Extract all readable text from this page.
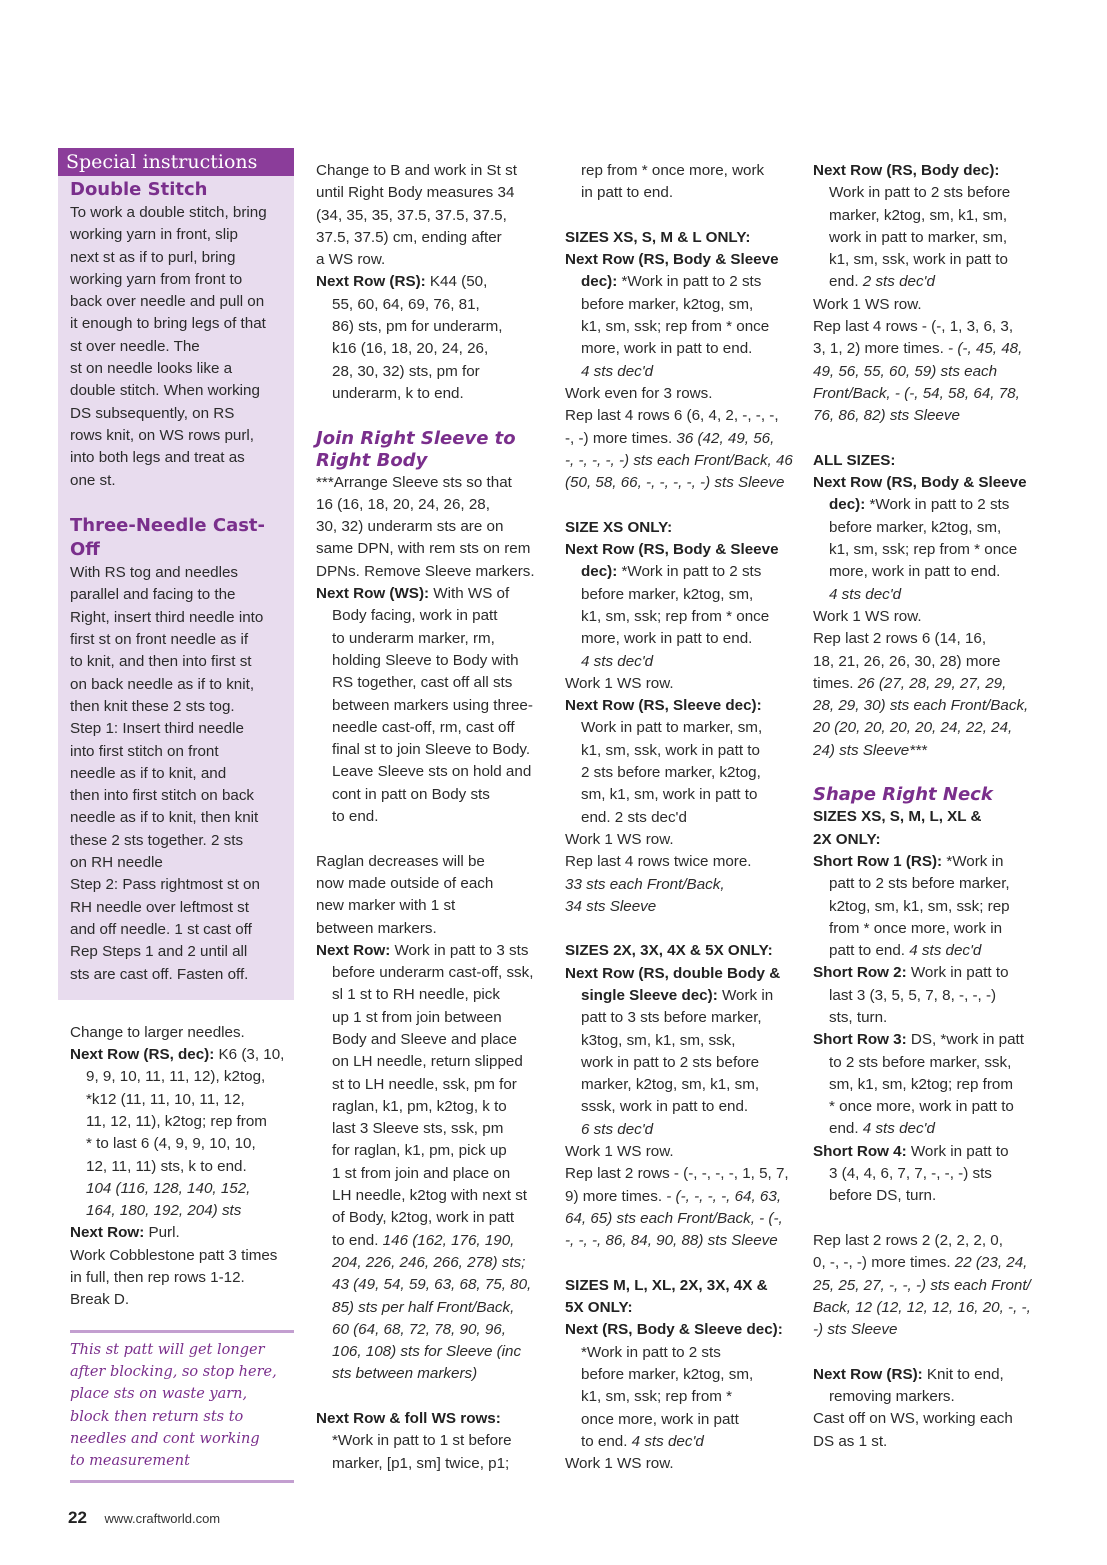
Special instructions

Double Stitch

To work a double stitch, bring

working yarn in front, slip

next st as if to purl, bring

working yarn from front to

back over needle and pull on

it enough to bring legs of that

st over needle. The

st on needle looks like a

double stitch. When working

DS subsequently, on RS

rows knit, on WS rows purl,

into both legs and treat as

one st.

Three-Needle Cast-Off

With RS tog and needles

parallel and facing to the

Right, insert third needle into

first st on front needle as if

to knit, and then into first st

on back needle as if to knit,

then knit these 2 sts tog.

Step 1: Insert third needle

into first stitch on front

needle as if to knit, and

then into first stitch on back

needle as if to knit, then knit

these 2 sts together. 2 sts

on RH needle

Step 2: Pass rightmost st on

RH needle over leftmost st

and off needle. 1 st cast off

Rep Steps 1 and 2 until all

sts are cast off. Fasten off.

Change to larger needles.

Next Row (RS, dec): K6 (3, 10,

9, 9, 10, 11, 11, 12), k2tog,

*k12 (11, 11, 10, 11, 12,

11, 12, 11), k2tog; rep from

* to last 6 (4, 9, 9, 10, 10,

12, 11, 11) sts, k to end.

104 (116, 128, 140, 152,

164, 180, 192, 204) sts

Next Row: Purl.

Work Cobblestone patt 3 times

in full, then rep rows 1-12.

Break D.

This st patt will get longer

after blocking, so stop here,

place sts on waste yarn,

block then return sts to

needles and cont working

to measurement

Change to B and work in St st

until Right Body measures 34

(34, 35, 35, 37.5, 37.5, 37.5,

37.5, 37.5) cm, ending after

a WS row.

Next Row (RS): K44 (50,

55, 60, 64, 69, 76, 81,

86) sts, pm for underarm,

k16 (16, 18, 20, 24, 26,

28, 30, 32) sts, pm for

underarm, k to end.

Join Right Sleeve to

Right Body

***Arrange Sleeve sts so that

16 (16, 18, 20, 24, 26, 28,

30, 32) underarm sts are on

same DPN, with rem sts on rem

DPNs. Remove Sleeve markers.

Next Row (WS): With WS of

Body facing, work in patt

to underarm marker, rm,

holding Sleeve to Body with

RS together, cast off all sts

between markers using three-

needle cast-off, rm, cast off

final st to join Sleeve to Body.

Leave Sleeve sts on hold and

cont in patt on Body sts

to end.

Raglan decreases will be

now made outside of each

new marker with 1 st

between markers.

Next Row: Work in patt to 3 sts

before underarm cast-off, ssk,

sl 1 st to RH needle, pick

up 1 st from join between

Body and Sleeve and place

on LH needle, return slipped

st to LH needle, ssk, pm for

raglan, k1, pm, k2tog, k to

last 3 Sleeve sts, ssk, pm

for raglan, k1, pm, pick up

1 st from join and place on

LH needle, k2tog with next st

of Body, k2tog, work in patt

to end. 146 (162, 176, 190,

204, 226, 246, 266, 278) sts;

43 (49, 54, 59, 63, 68, 75, 80,

85) sts per half Front/Back,

60 (64, 68, 72, 78, 90, 96,

106, 108) sts for Sleeve (inc

sts between markers)

Next Row & foll WS rows:

*Work in patt to 1 st before

marker, [p1, sm] twice, p1;

rep from * once more, work

in patt to end.

SIZES XS, S, M & L ONLY:

Next Row (RS, Body & Sleeve

dec): *Work in patt to 2 sts

before marker, k2tog, sm,

k1, sm, ssk; rep from * once

more, work in patt to end.

4 sts dec'd

Work even for 3 rows.

Rep last 4 rows 6 (6, 4, 2, -, -, -,

-, -) more times. 36 (42, 49, 56,

-, -, -, -, -) sts each Front/Back, 46

(50, 58, 66, -, -, -, -, -) sts Sleeve

SIZE XS ONLY:

Next Row (RS, Body & Sleeve

dec): *Work in patt to 2 sts

before marker, k2tog, sm,

k1, sm, ssk; rep from * once

more, work in patt to end.

4 sts dec'd

Work 1 WS row.

Next Row (RS, Sleeve dec):

Work in patt to marker, sm,

k1, sm, ssk, work in patt to

2 sts before marker, k2tog,

sm, k1, sm, work in patt to

end. 2 sts dec'd

Work 1 WS row.

Rep last 4 rows twice more.

33 sts each Front/Back,

34 sts Sleeve

SIZES 2X, 3X, 4X & 5X ONLY:

Next Row (RS, double Body &

single Sleeve dec): Work in

patt to 3 sts before marker,

k3tog, sm, k1, sm, ssk,

work in patt to 2 sts before

marker, k2tog, sm, k1, sm,

sssk, work in patt to end.

6 sts dec'd

Work 1 WS row.

Rep last 2 rows - (-, -, -, -, 1, 5, 7,

9) more times. - (-, -, -, -, 64, 63,

64, 65) sts each Front/Back, - (-,

-, -, -, 86, 84, 90, 88) sts Sleeve

SIZES M, L, XL, 2X, 3X, 4X &

5X ONLY:

Next (RS, Body & Sleeve dec):

*Work in patt to 2 sts

before marker, k2tog, sm,

k1, sm, ssk; rep from *

once more, work in patt

to end. 4 sts dec'd

Work 1 WS row.

Next Row (RS, Body dec):

Work in patt to 2 sts before

marker, k2tog, sm, k1, sm,

work in patt to marker, sm,

k1, sm, ssk, work in patt to

end. 2 sts dec'd

Work 1 WS row.

Rep last 4 rows - (-, 1, 3, 6, 3,

3, 1, 2) more times. - (-, 45, 48,

49, 56, 55, 60, 59) sts each

Front/Back, - (-, 54, 58, 64, 78,

76, 86, 82) sts Sleeve

ALL SIZES:

Next Row (RS, Body & Sleeve

dec): *Work in patt to 2 sts

before marker, k2tog, sm,

k1, sm, ssk; rep from * once

more, work in patt to end.

4 sts dec'd

Work 1 WS row.

Rep last 2 rows 6 (14, 16,

18, 21, 26, 26, 30, 28) more

times. 26 (27, 28, 29, 27, 29,

28, 29, 30) sts each Front/Back,

20 (20, 20, 20, 20, 24, 22, 24,

24) sts Sleeve***

Shape Right Neck

SIZES XS, S, M, L, XL &

2X ONLY:

Short Row 1 (RS): *Work in

patt to 2 sts before marker,

k2tog, sm, k1, sm, ssk; rep

from * once more, work in

patt to end. 4 sts dec'd

Short Row 2: Work in patt to

last 3 (3, 5, 5, 7, 8, -, -, -)

sts, turn.

Short Row 3: DS, *work in patt

to 2 sts before marker, ssk,

sm, k1, sm, k2tog; rep from

* once more, work in patt to

end. 4 sts dec'd

Short Row 4: Work in patt to

3 (4, 4, 6, 7, 7, -, -, -) sts

before DS, turn.

Rep last 2 rows 2 (2, 2, 2, 0,

0, -, -, -) more times. 22 (23, 24,

25, 25, 27, -, -, -) sts each Front/

Back, 12 (12, 12, 12, 16, 20, -, -,

-) sts Sleeve

Next Row (RS): Knit to end,

removing markers.

Cast off on WS, working each

DS as 1 st.

22 www.craftworld.com
